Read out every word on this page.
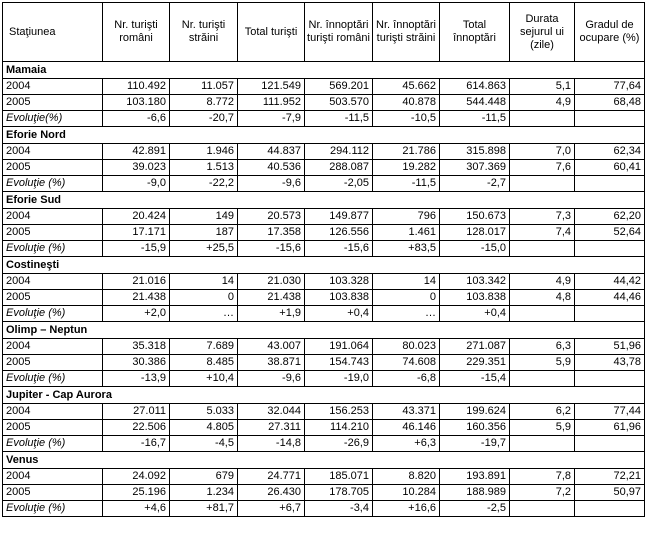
Staţiunea	Nr. turişti români	Nr. turişti străini	Total turişti	Nr. înnoptări turişti români	Nr. înnoptări turişti străini	Total înnoptări	Durata sejurul ui (zile)	Gradul de ocupare (%)
Mamaia								
2004	110.492	11.057	121.549	569.201	45.662	614.863	5,1	77,64
2005	103.180	8.772	111.952	503.570	40.878	544.448	4,9	68,48
Evoluţie(%)	-6,6	-20,7	-7,9	-11,5	-10,5	-11,5		
Eforie Nord								
2004	42.891	1.946	44.837	294.112	21.786	315.898	7,0	62,34
2005	39.023	1.513	40.536	288.087	19.282	307.369	7,6	60,41
Evoluţie (%)	-9,0	-22,2	-9,6	-2,05	-11,5	-2,7		
Eforie Sud								
2004	20.424	149	20.573	149.877	796	150.673	7,3	62,20
2005	17.171	187	17.358	126.556	1.461	128.017	7,4	52,64
Evoluţie (%)	-15,9	+25,5	-15,6	-15,6	+83,5	-15,0		
Costineşti								
2004	21.016	14	21.030	103.328	14	103.342	4,9	44,42
2005	21.438	0	21.438	103.838	0	103.838	4,8	44,46
Evoluţie (%)	+2,0	…	+1,9	+0,4	…	+0,4		
Olimp – Neptun								
2004	35.318	7.689	43.007	191.064	80.023	271.087	6,3	51,96
2005	30.386	8.485	38.871	154.743	74.608	229.351	5,9	43,78
Evoluţie (%)	-13,9	+10,4	-9,6	-19,0	-6,8	-15,4		
Jupiter - Cap Aurora								
2004	27.011	5.033	32.044	156.253	43.371	199.624	6,2	77,44
2005	22.506	4.805	27.311	114.210	46.146	160.356	5,9	61,96
Evoluţie (%)	-16,7	-4,5	-14,8	-26,9	+6,3	-19,7		
Venus								
2004	24.092	679	24.771	185.071	8.820	193.891	7,8	72,21
2005	25.196	1.234	26.430	178.705	10.284	188.989	7,2	50,97
Evoluţie (%)	+4,6	+81,7	+6,7	-3,4	+16,6	-2,5		
